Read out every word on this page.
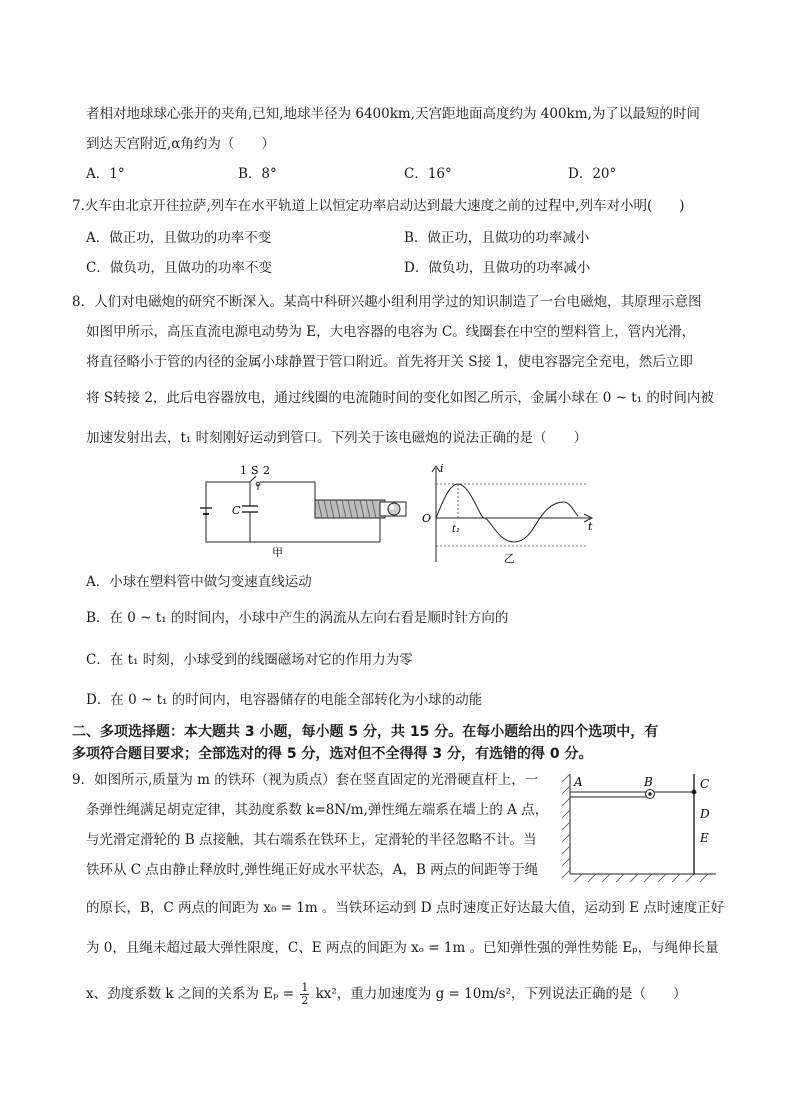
者相对地球球心张开的夹角,已知,地球半径为 6400km,天宫距地面高度约为 400km,为了以最短的时间
到达天宫附近,α角约为（　　）
A．1°	B．8°	C．16°	D．20°
7.火车由北京开往拉萨,列车在水平轨道上以恒定功率启动达到最大速度之前的过程中,列车对小明(　　)
A．做正功，且做功的功率不变	B．做正功，且做功的功率减小
C．做负功，且做功的功率不变	D．做负功，且做功的功率减小
8．人们对电磁炮的研究不断深入。某高中科研兴趣小组利用学过的知识制造了一台电磁炮，其原理示意图
如图甲所示，高压直流电源电动势为 E，大电容器的电容为 C。线圈套在中空的塑料管上，管内光滑，
将直径略小于管的内径的金属小球静置于管口附近。首先将开关 S接 1，使电容器完全充电，然后立即
将 S转接 2，此后电容器放电，通过线圈的电流随时间的变化如图乙所示，金属小球在 0 ~ t₁ 的时间内被
加速发射出去，t₁ 时刻刚好运动到管口。下列关于该电磁炮的说法正确的是（　　）
1 S 2
C
甲
i
O
t₁	t
乙
A．小球在塑料管中做匀变速直线运动
B．在 0 ~ t₁ 的时间内，小球中产生的涡流从左向右看是顺时针方向的
C．在 t₁ 时刻，小球受到的线圈磁场对它的作用力为零
D．在 0 ~ t₁ 的时间内，电容器储存的电能全部转化为小球的动能
二、多项选择题：本大题共 3 小题，每小题 5 分，共 15 分。在每小题给出的四个选项中，有
多项符合题目要求；全部选对的得 5 分，选对但不全得得 3 分，有选错的得 0 分。
9．如图所示,质量为 m 的铁环（视为质点）套在竖直固定的光滑硬直杆上，一
条弹性绳满足胡克定律，其劲度系数 k=8N/m,弹性绳左端系在墙上的 A 点，
与光滑定滑轮的 B 点接触，其右端系在铁环上，定滑轮的半径忽略不计。当
铁环从 C 点由静止释放时,弹性绳正好成水平状态，A，B 两点的间距等于绳
的原长，B，C 两点的间距为 x₀ = 1m 。当铁环运动到 D 点时速度正好达最大值，运动到 E 点时速度正好
为 0，且绳未超过最大弹性限度，C、E 两点的间距为 xₒ = 1m 。已知弹性强的弹性势能 Eₚ，与绳伸长量
x、劲度系数 k 之间的关系为 $E_p = \frac{1}{2} kx^2$，重力加速度为 g = 10m/s²，下列说法正确的是（　　）
A	B	C
D
E
